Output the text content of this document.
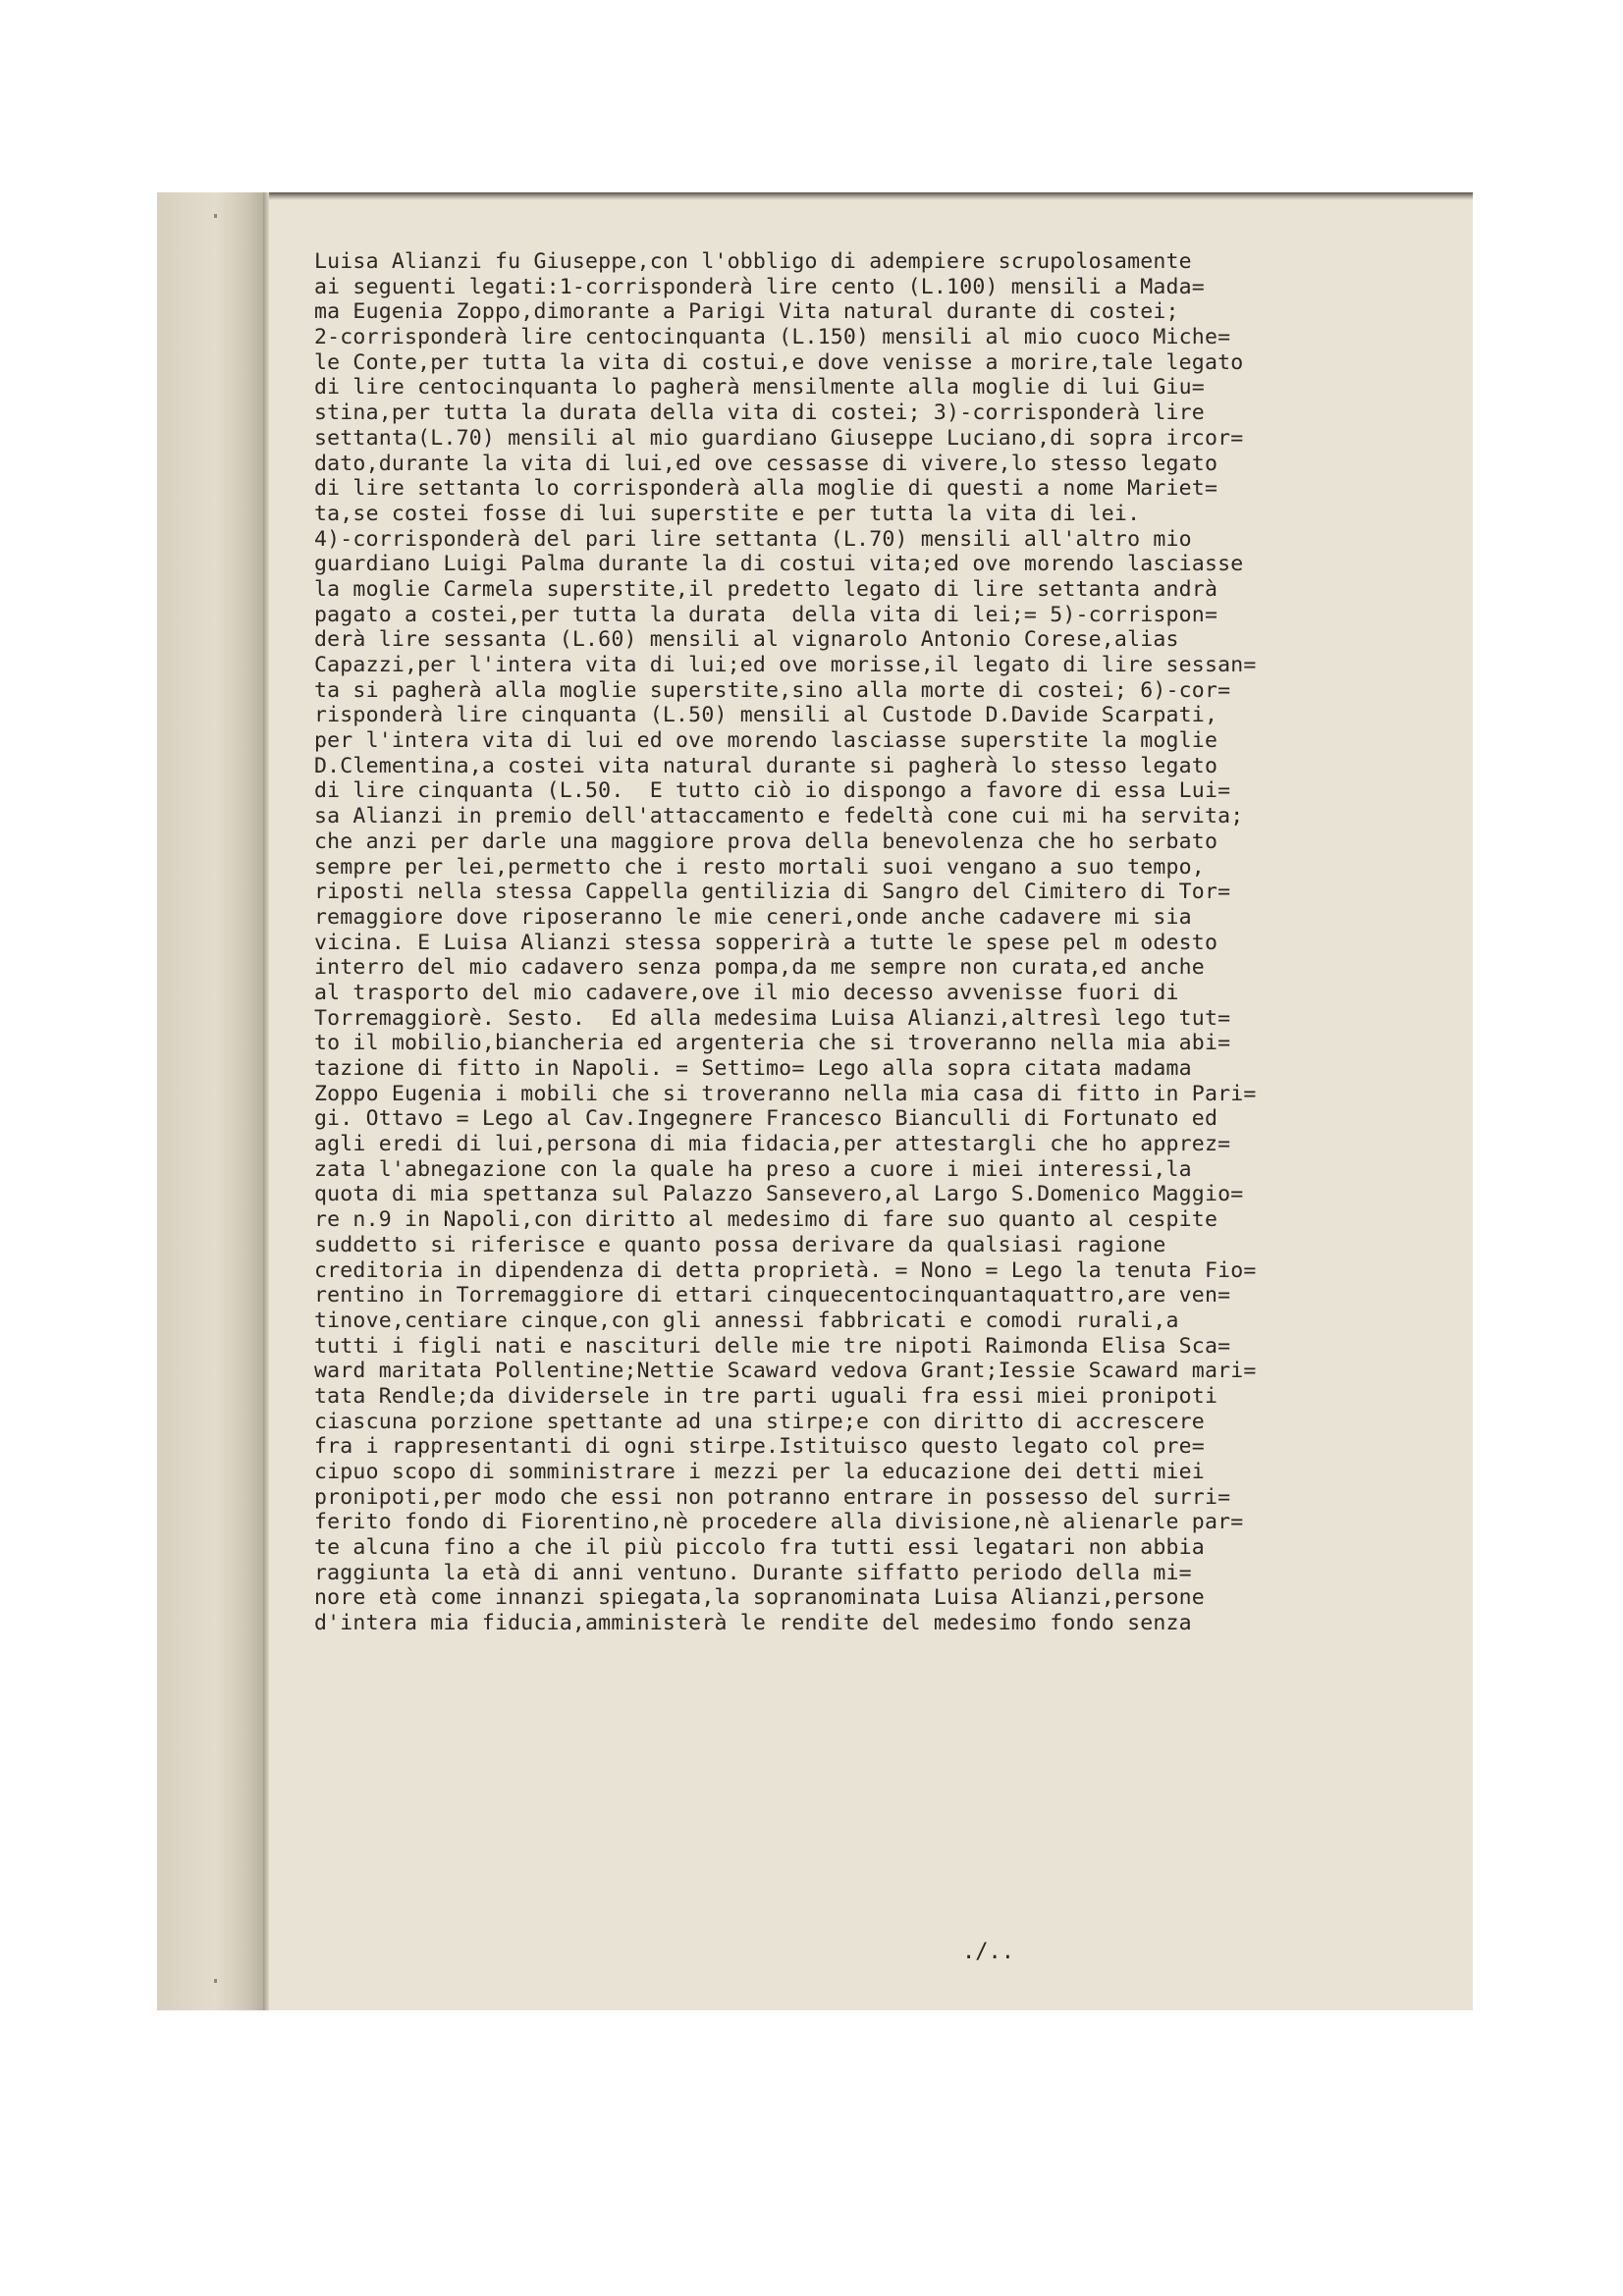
Luisa Alianzi fu Giuseppe,con l'obbligo di adempiere scrupolosamente
ai seguenti legati:1-corrisponderà lire cento (L.100) mensili a Mada=
ma Eugenia Zoppo,dimorante a Parigi Vita natural durante di costei;
2-corrisponderà lire centocinquanta (L.150) mensili al mio cuoco Miche=
le Conte,per tutta la vita di costui,e dove venisse a morire,tale legato
di lire centocinquanta lo pagherà mensilmente alla moglie di lui Giu=
stina,per tutta la durata della vita di costei; 3)-corrisponderà lire
settanta(L.70) mensili al mio guardiano Giuseppe Luciano,di sopra ircor=
dato,durante la vita di lui,ed ove cessasse di vivere,lo stesso legato
di lire settanta lo corrisponderà alla moglie di questi a nome Mariet=
ta,se costei fosse di lui superstite e per tutta la vita di lei.
4)-corrisponderà del pari lire settanta (L.70) mensili all'altro mio
guardiano Luigi Palma durante la di costui vita;ed ove morendo lasciasse
la moglie Carmela superstite,il predetto legato di lire settanta andrà
pagato a costei,per tutta la durata  della vita di lei;= 5)-corrispon=
derà lire sessanta (L.60) mensili al vignarolo Antonio Corese,alias
Capazzi,per l'intera vita di lui;ed ove morisse,il legato di lire sessan=
ta si pagherà alla moglie superstite,sino alla morte di costei; 6)-cor=
risponderà lire cinquanta (L.50) mensili al Custode D.Davide Scarpati,
per l'intera vita di lui ed ove morendo lasciasse superstite la moglie
D.Clementina,a costei vita natural durante si pagherà lo stesso legato
di lire cinquanta (L.50.  E tutto ciò io dispongo a favore di essa Lui=
sa Alianzi in premio dell'attaccamento e fedeltà cone cui mi ha servita;
che anzi per darle una maggiore prova della benevolenza che ho serbato
sempre per lei,permetto che i resto mortali suoi vengano a suo tempo,
riposti nella stessa Cappella gentilizia di Sangro del Cimitero di Tor=
remaggiore dove riposeranno le mie ceneri,onde anche cadavere mi sia
vicina. E Luisa Alianzi stessa sopperirà a tutte le spese pel m odesto
interro del mio cadavero senza pompa,da me sempre non curata,ed anche
al trasporto del mio cadavere,ove il mio decesso avvenisse fuori di
Torremaggiorè. Sesto.  Ed alla medesima Luisa Alianzi,altresì lego tut=
to il mobilio,biancheria ed argenteria che si troveranno nella mia abi=
tazione di fitto in Napoli. = Settimo= Lego alla sopra citata madama
Zoppo Eugenia i mobili che si troveranno nella mia casa di fitto in Pari=
gi. Ottavo = Lego al Cav.Ingegnere Francesco Bianculli di Fortunato ed
agli eredi di lui,persona di mia fidacia,per attestargli che ho apprez=
zata l'abnegazione con la quale ha preso a cuore i miei interessi,la
quota di mia spettanza sul Palazzo Sansevero,al Largo S.Domenico Maggio=
re n.9 in Napoli,con diritto al medesimo di fare suo quanto al cespite
suddetto si riferisce e quanto possa derivare da qualsiasi ragione
creditoria in dipendenza di detta proprietà. = Nono = Lego la tenuta Fio=
rentino in Torremaggiore di ettari cinquecentocinquantaquattro,are ven=
tinove,centiare cinque,con gli annessi fabbricati e comodi rurali,a
tutti i figli nati e nascituri delle mie tre nipoti Raimonda Elisa Sca=
ward maritata Pollentine;Nettie Scaward vedova Grant;Iessie Scaward mari=
tata Rendle;da dividersele in tre parti uguali fra essi miei pronipoti
ciascuna porzione spettante ad una stirpe;e con diritto di accrescere
fra i rappresentanti di ogni stirpe.Istituisco questo legato col pre=
cipuo scopo di somministrare i mezzi per la educazione dei detti miei
pronipoti,per modo che essi non potranno entrare in possesso del surri=
ferito fondo di Fiorentino,nè procedere alla divisione,nè alienarle par=
te alcuna fino a che il più piccolo fra tutti essi legatari non abbia
raggiunta la età di anni ventuno. Durante siffatto periodo della mi=
nore età come innanzi spiegata,la sopranominata Luisa Alianzi,persone
d'intera mia fiducia,amministerà le rendite del medesimo fondo senza
./..
